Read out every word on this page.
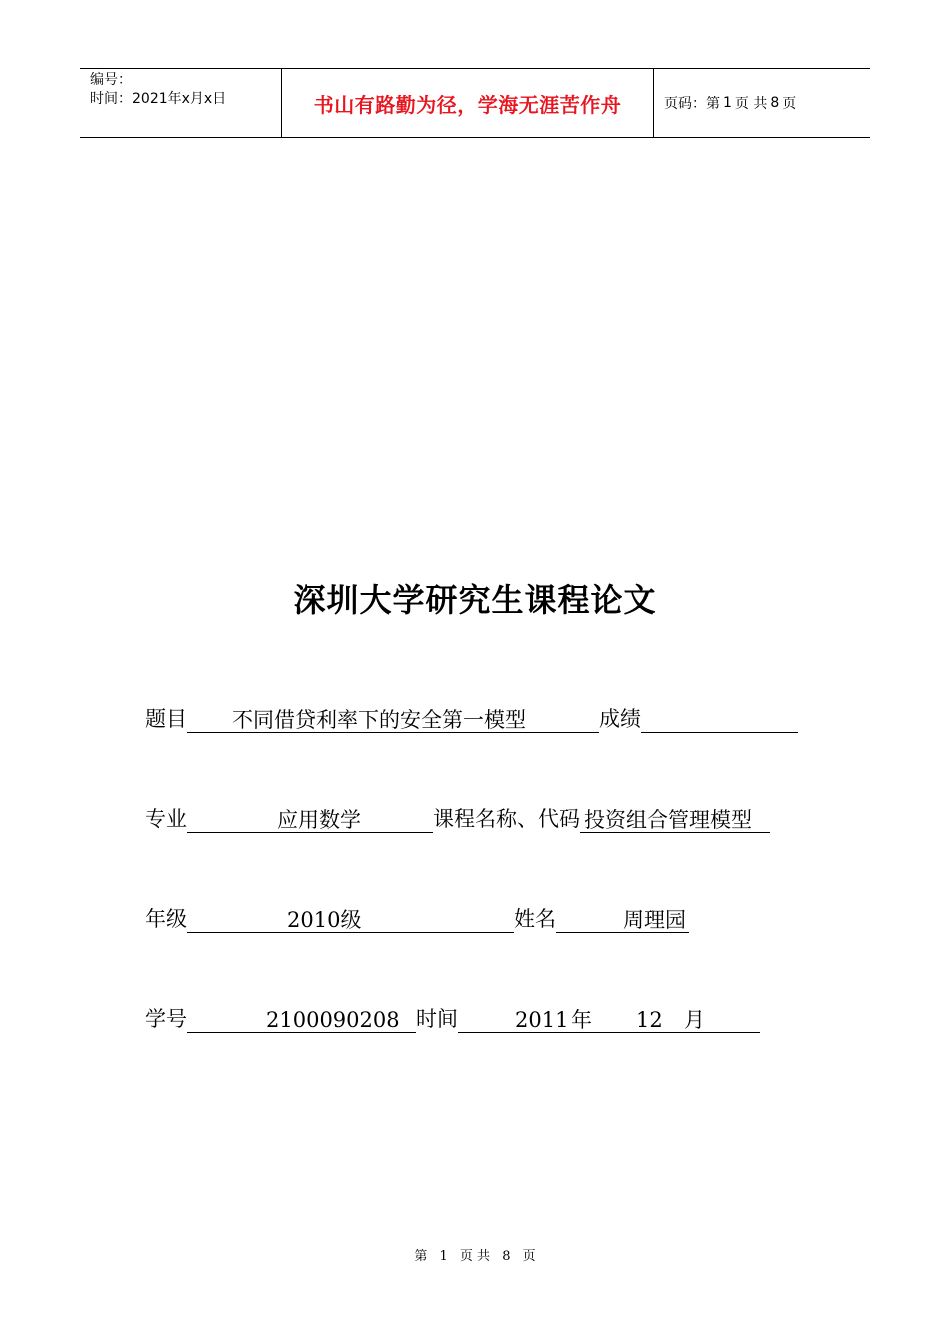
编号：
时间：2021年x月x日	书山有路勤为径，学海无涯苦作舟	页码：第 1 页 共 8 页
深圳大学研究生课程论文
题目 不同借贷利率下的安全第一模型	成绩
专业	应用数学	课程名称、代码 投资组合管理模型
年级	2010级	姓名	周理园
学号	2100090208 时间	2011 年 12 月
第 1 页 共 8 页
